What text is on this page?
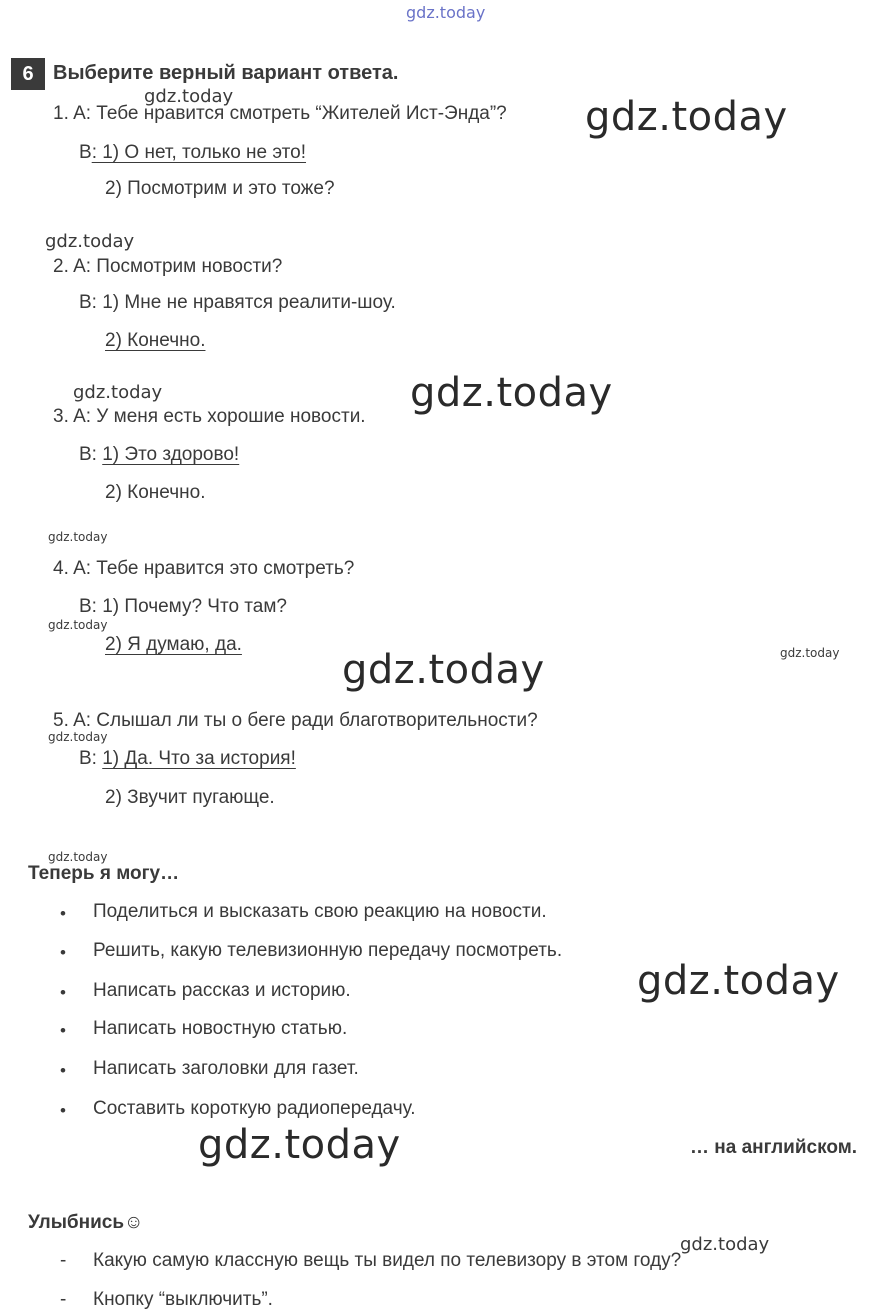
gdz.today
6 Выберите верный вариант ответа.
gdz.today
1. A: Тебе нравится смотреть “Жителей Ист-Энда”? gdz.today
B: 1) О нет, только не это!
2) Посмотрим и это тоже?
gdz.today
2. A: Посмотрим новости?
B: 1) Мне не нравятся реалити-шоу.
2) Конечно.
gdz.today
3. A: У меня есть хорошие новости.
gdz.today
B: 1) Это здорово!
2) Конечно.
gdz.today
4. A: Тебе нравится это смотреть?
B: 1) Почему? Что там?
gdz.today
2) Я думаю, да.	gdz.today
gdz.today
5. A: Слышал ли ты о беге ради благотворительности?
gdz.today
B: 1) Да. Что за история!
2) Звучит пугающе.
gdz.today
Теперь я могу…
• Поделиться и высказать свою реакцию на новости.
• Решить, какую телевизионную передачу посмотреть.
gdz.today
• Написать рассказ и историю.
• Написать новостную статью.
• Написать заголовки для газет.
• Составить короткую радиопередачу.
gdz.today	… на английском.
Улыбнись☺
gdz.today
- Какую самую классную вещь ты видел по телевизору в этом году?
- Кнопку “выключить”.
